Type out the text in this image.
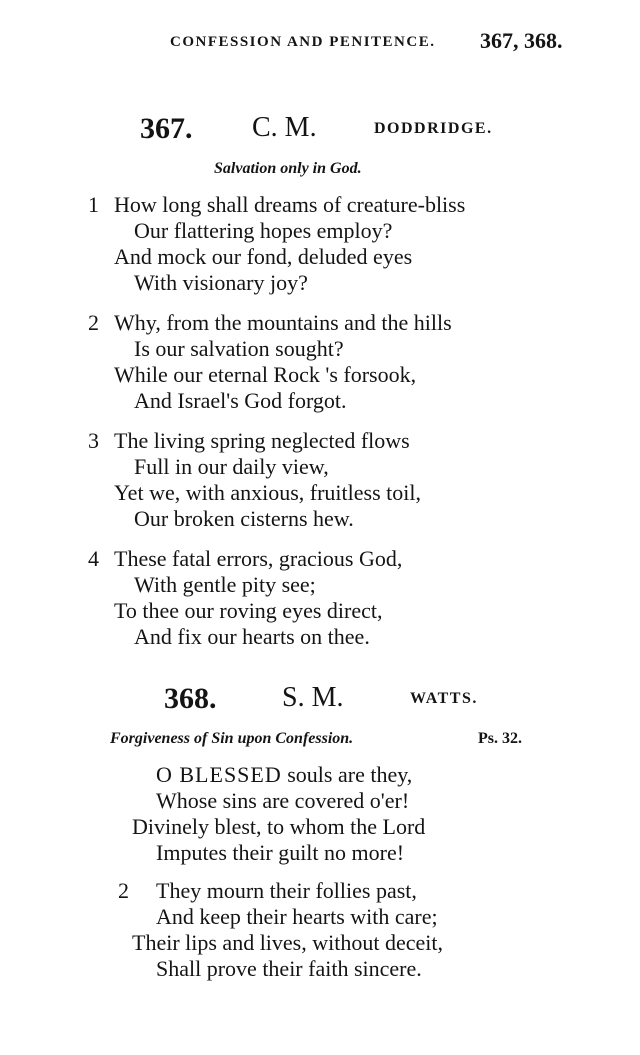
CONFESSION AND PENITENCE. 367, 368.
367. C. M.	DODDRIDGE.
Salvation only in God.
1 How long shall dreams of creature-bliss
Our flattering hopes employ?
And mock our fond, deluded eyes
With visionary joy?
2 Why, from the mountains and the hills
Is our salvation sought?
While our eternal Rock 's forsook,
And Israel's God forgot.
3 The living spring neglected flows
Full in our daily view,
Yet we, with anxious, fruitless toil,
Our broken cisterns hew.
4 These fatal errors, gracious God,
With gentle pity see;
To thee our roving eyes direct,
And fix our hearts on thee.
368. S. M.	WATTS.
Forgiveness of Sin upon Confession.	Ps. 32.
O BLESSED souls are they,
Whose sins are covered o'er!
Divinely blest, to whom the Lord
Imputes their guilt no more!
2 They mourn their follies past,
And keep their hearts with care;
Their lips and lives, without deceit,
Shall prove their faith sincere.
